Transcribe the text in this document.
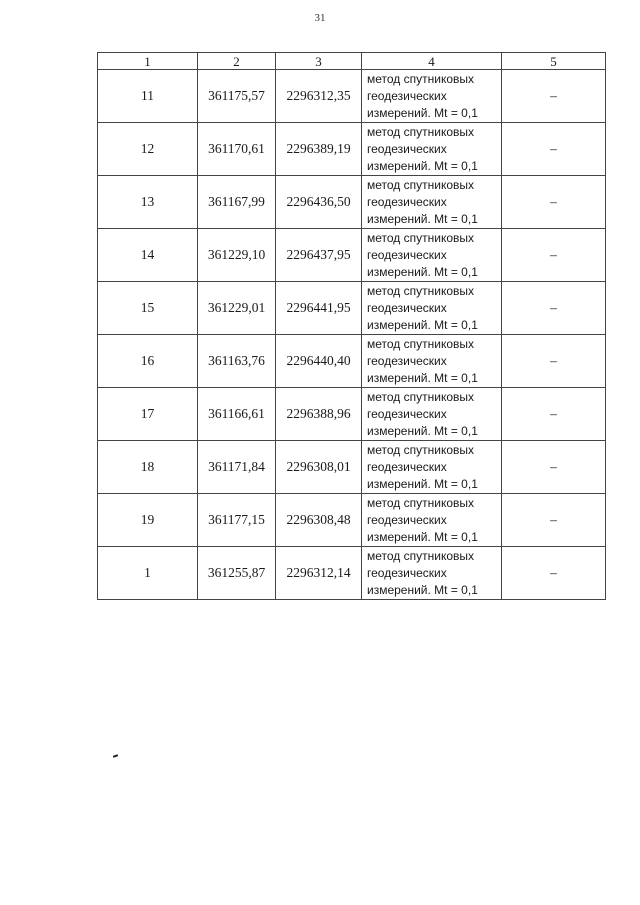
31
1	2	3	4	5
11	361175,57	2296312,35	метод спутниковых
геодезических
измерений. Mt = 0,1	–
12	361170,61	2296389,19	метод спутниковых
геодезических
измерений. Mt = 0,1	–
13	361167,99	2296436,50	метод спутниковых
геодезических
измерений. Mt = 0,1	–
14	361229,10	2296437,95	метод спутниковых
геодезических
измерений. Mt = 0,1	–
15	361229,01	2296441,95	метод спутниковых
геодезических
измерений. Mt = 0,1	–
16	361163,76	2296440,40	метод спутниковых
геодезических
измерений. Mt = 0,1	–
17	361166,61	2296388,96	метод спутниковых
геодезических
измерений. Mt = 0,1	–
18	361171,84	2296308,01	метод спутниковых
геодезических
измерений. Mt = 0,1	–
19	361177,15	2296308,48	метод спутниковых
геодезических
измерений. Mt = 0,1	–
1	361255,87	2296312,14	метод спутниковых
геодезических
измерений. Mt = 0,1	–
